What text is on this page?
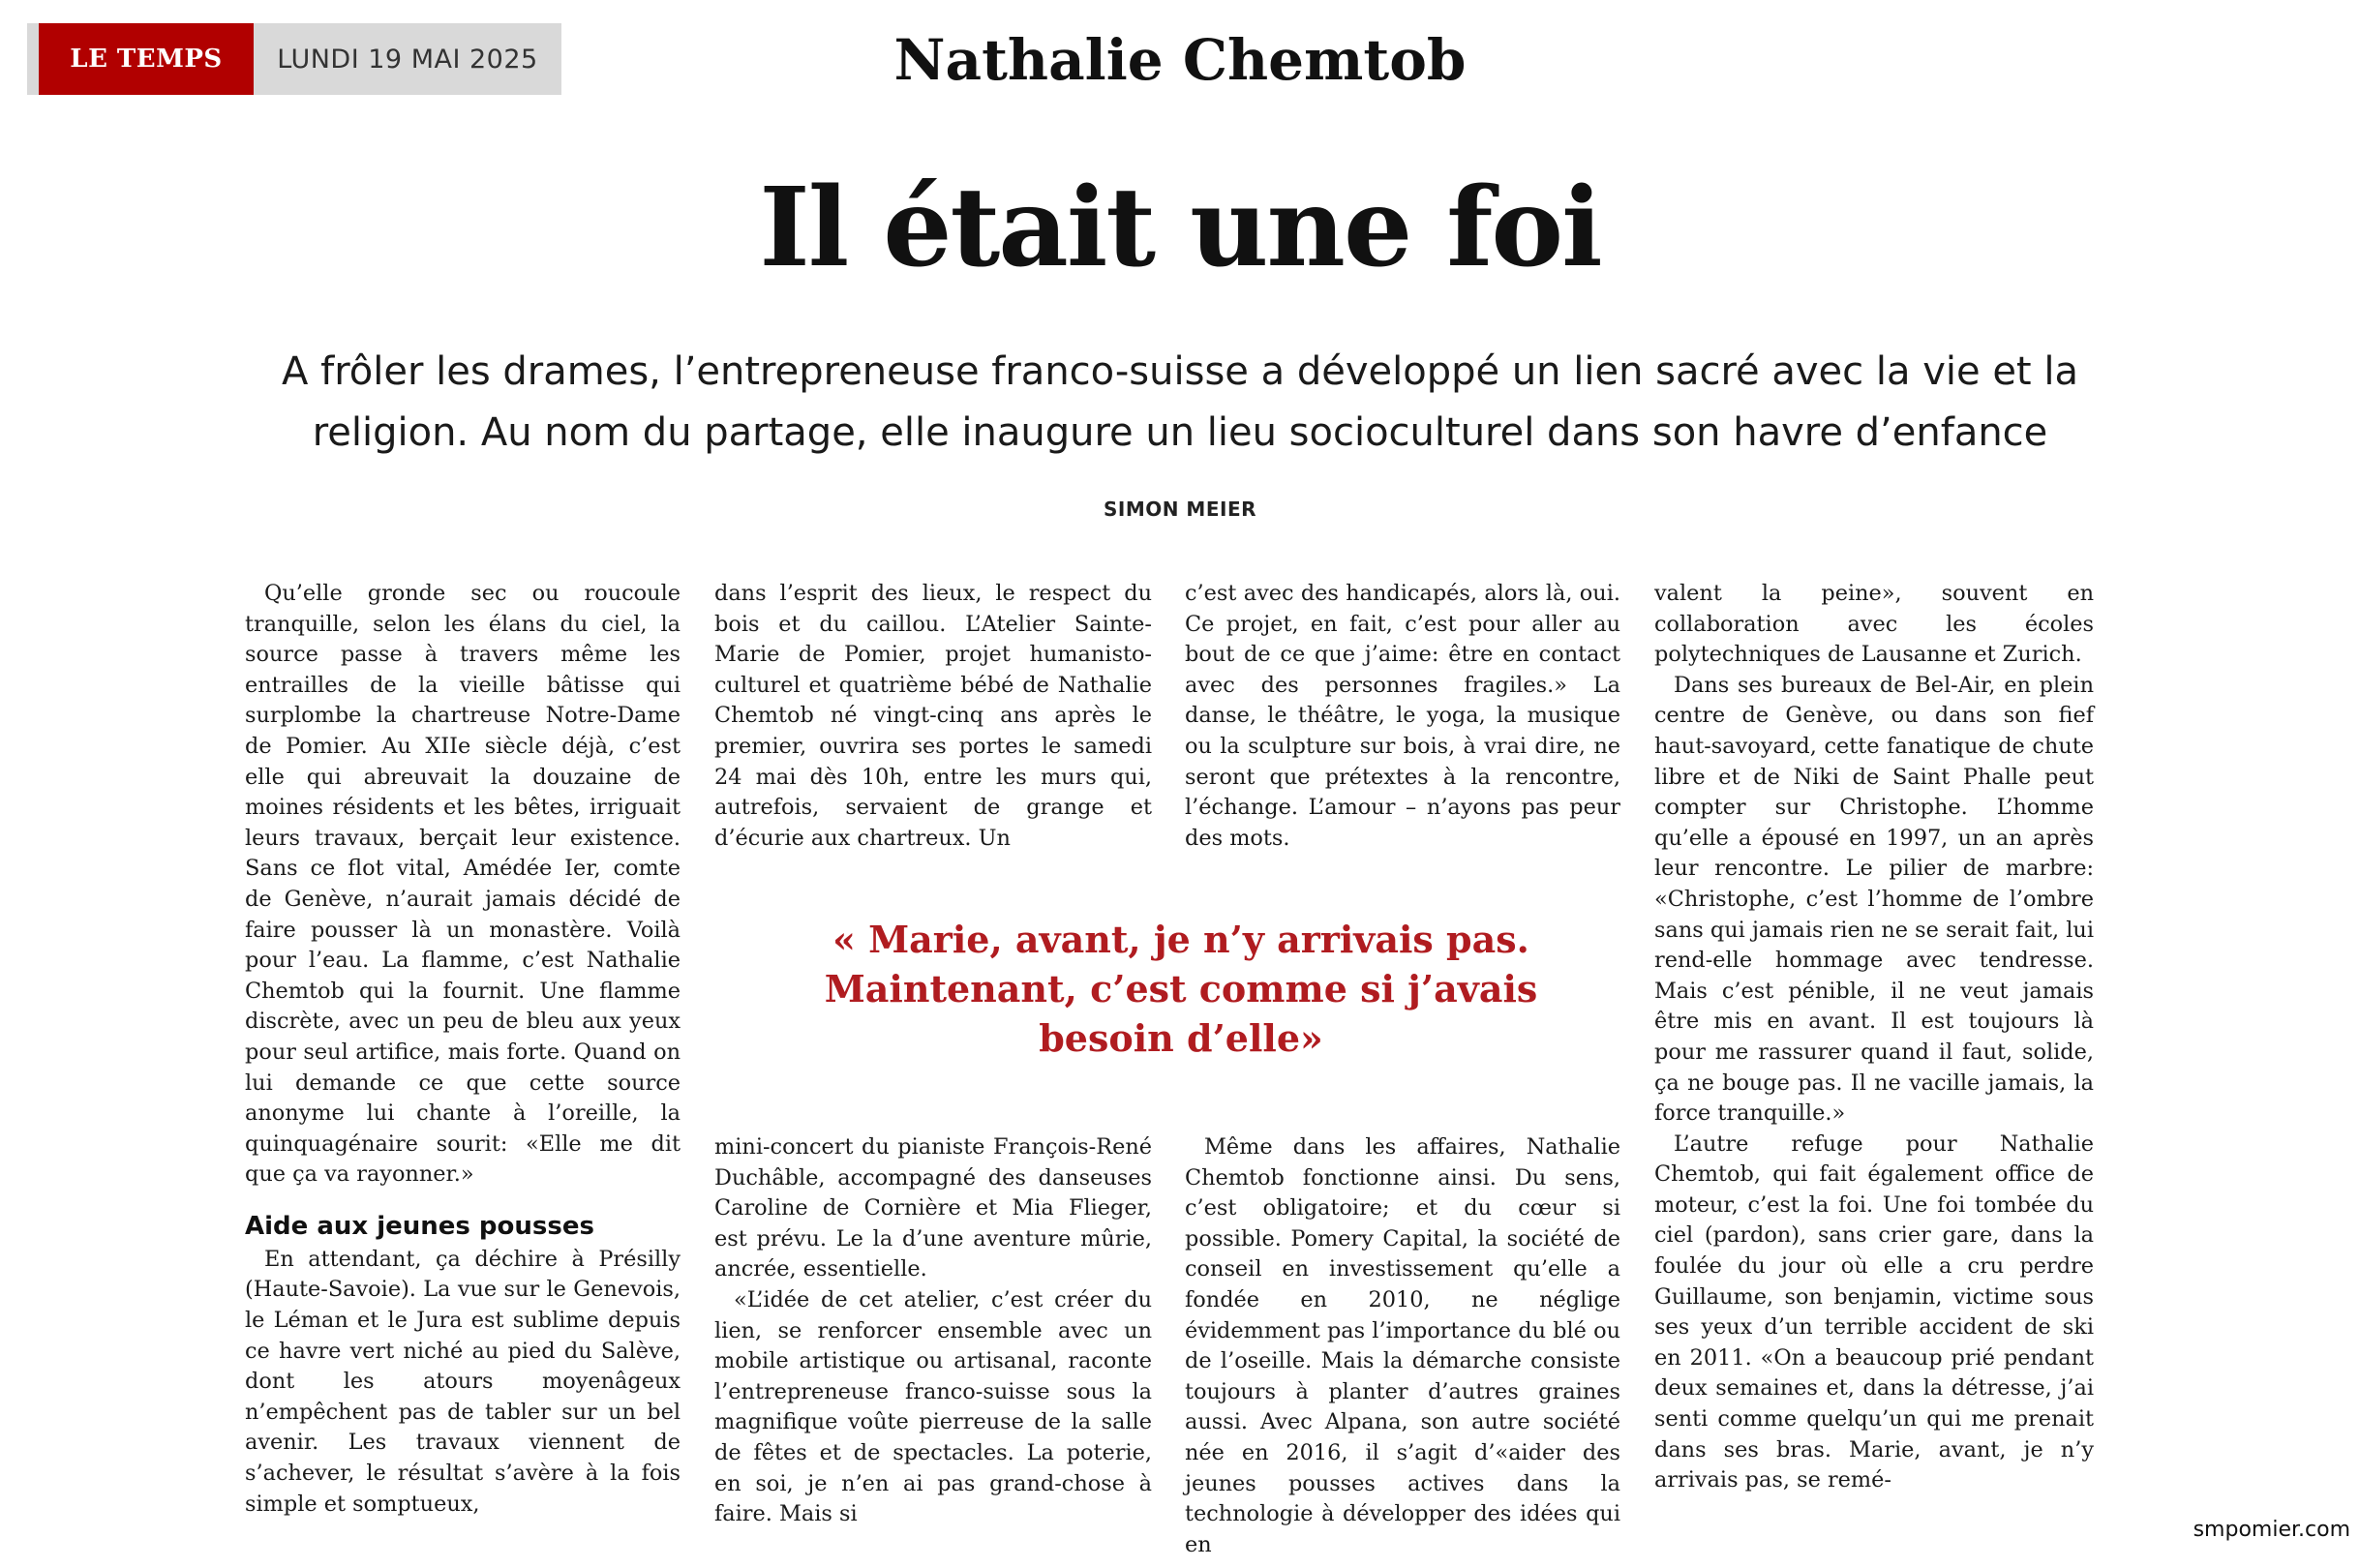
LE TEMPS	LUNDI 19 MAI 2025	Nathalie Chemtob
Il était une foi
A frôler les drames, l’entrepreneuse franco-suisse a développé un lien sacré avec la vie et la religion. Au nom du partage, elle inaugure un lieu socioculturel dans son havre d’enfance
SIMON MEIER

Qu’elle gronde sec ou roucoule tranquille, selon les élans du ciel, la source passe à travers même les entrailles de la vieille bâtisse qui surplombe la chartreuse Notre-Dame de Pomier. Au XIIe siècle déjà, c’est elle qui abreuvait la douzaine de moines résidents et les bêtes, irriguait leurs travaux, berçait leur existence. Sans ce flot vital, Amédée Ier, comte de Genève, n’aurait jamais décidé de faire pousser là un monastère. Voilà pour l’eau. La flamme, c’est Nathalie Chemtob qui la fournit. Une flamme discrète, avec un peu de bleu aux yeux pour seul artifice, mais forte. Quand on lui demande ce que cette source anonyme lui chante à l’oreille, la quinquagénaire sourit: «Elle me dit que ça va rayonner.»

Aide aux jeunes pousses

En attendant, ça déchire à Présilly (Haute-Savoie). La vue sur le Genevois, le Léman et le Jura est sublime depuis ce havre vert niché au pied du Salève, dont les atours moyenâgeux n’empêchent pas de tabler sur un bel avenir. Les travaux viennent de s’achever, le résultat s’avère à la fois simple et somptueux,

dans l’esprit des lieux, le respect du bois et du caillou. L’Atelier Sainte-Marie de Pomier, projet humanisto-culturel et quatrième bébé de Nathalie Chemtob né vingt-cinq ans après le premier, ouvrira ses portes le samedi 24 mai dès 10h, entre les murs qui, autrefois, servaient de grange et d’écurie aux chartreux. Un

c’est avec des handicapés, alors là, oui. Ce projet, en fait, c’est pour aller au bout de ce que j’aime: être en contact avec des personnes fragiles.» La danse, le théâtre, le yoga, la musique ou la sculpture sur bois, à vrai dire, ne seront que prétextes à la rencontre, l’échange. L’amour – n’ayons pas peur des mots.

« Marie, avant, je n’y arrivais pas. Maintenant, c’est comme si j’avais besoin d’elle»

mini-concert du pianiste François-René Duchâble, accompagné des danseuses Caroline de Cornière et Mia Flieger, est prévu. Le la d’une aventure mûrie, ancrée, essentielle.

«L’idée de cet atelier, c’est créer du lien, se renforcer ensemble avec un mobile artistique ou artisanal, raconte l’entrepreneuse franco-suisse sous la magnifique voûte pierreuse de la salle de fêtes et de spectacles. La poterie, en soi, je n’en ai pas grand-chose à faire. Mais si

Même dans les affaires, Nathalie Chemtob fonctionne ainsi. Du sens, c’est obligatoire; et du cœur si possible. Pomery Capital, la société de conseil en investissement qu’elle a fondée en 2010, ne néglige évidemment pas l’importance du blé ou de l’oseille. Mais la démarche consiste toujours à planter d’autres graines aussi. Avec Alpana, son autre société née en 2016, il s’agit d’«aider des jeunes pousses actives dans la technologie à développer des idées qui en

valent la peine», souvent en collaboration avec les écoles polytechniques de Lausanne et Zurich.

Dans ses bureaux de Bel-Air, en plein centre de Genève, ou dans son fief haut-savoyard, cette fanatique de chute libre et de Niki de Saint Phalle peut compter sur Christophe. L’homme qu’elle a épousé en 1997, un an après leur rencontre. Le pilier de marbre: «Christophe, c’est l’homme de l’ombre sans qui jamais rien ne se serait fait, lui rend-elle hommage avec tendresse. Mais c’est pénible, il ne veut jamais être mis en avant. Il est toujours là pour me rassurer quand il faut, solide, ça ne bouge pas. Il ne vacille jamais, la force tranquille.»

L’autre refuge pour Nathalie Chemtob, qui fait également office de moteur, c’est la foi. Une foi tombée du ciel (pardon), sans crier gare, dans la foulée du jour où elle a cru perdre Guillaume, son benjamin, victime sous ses yeux d’un terrible accident de ski en 2011. «On a beaucoup prié pendant deux semaines et, dans la détresse, j’ai senti comme quelqu’un qui me prenait dans ses bras. Marie, avant, je n’y arrivais pas, se remé-

smpomier.com
